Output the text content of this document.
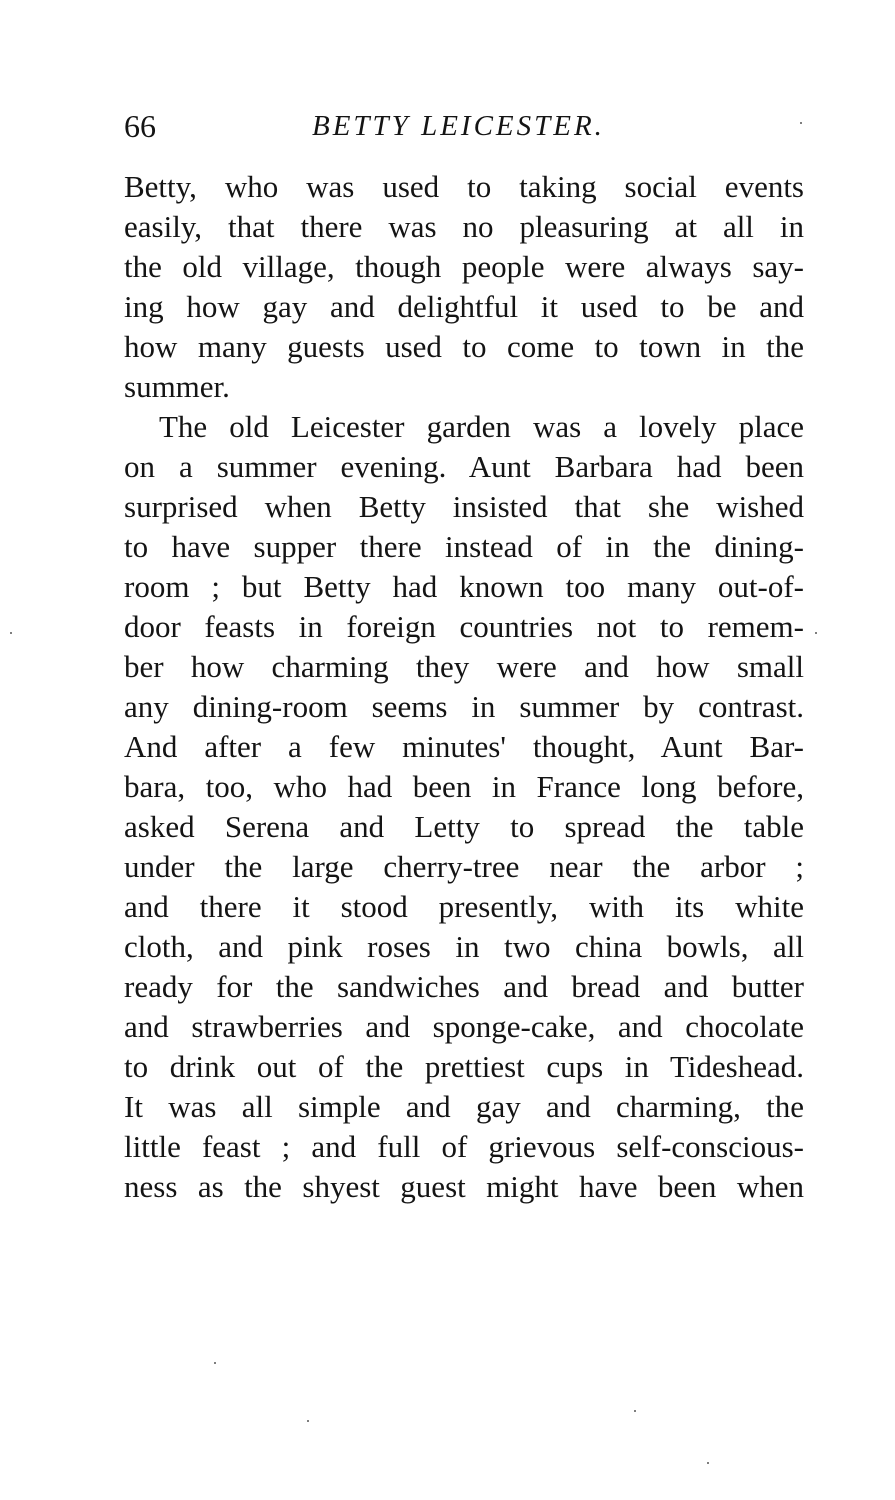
66	BETTY LEICESTER.
Betty, who was used to taking social events
easily, that there was no pleasuring at all in
the old village, though people were always say-
ing how gay and delightful it used to be and
how many guests used to come to town in the
summer.
The old Leicester garden was a lovely place
on a summer evening. Aunt Barbara had been
surprised when Betty insisted that she wished
to have supper there instead of in the dining-
room ; but Betty had known too many out-of-
door feasts in foreign countries not to remem-
ber how charming they were and how small
any dining-room seems in summer by contrast.
And after a few minutes' thought, Aunt Bar-
bara, too, who had been in France long before,
asked Serena and Letty to spread the table
under the large cherry-tree near the arbor ;
and there it stood presently, with its white
cloth, and pink roses in two china bowls, all
ready for the sandwiches and bread and butter
and strawberries and sponge-cake, and chocolate
to drink out of the prettiest cups in Tideshead.
It was all simple and gay and charming, the
little feast ; and full of grievous self-conscious-
ness as the shyest guest might have been when
